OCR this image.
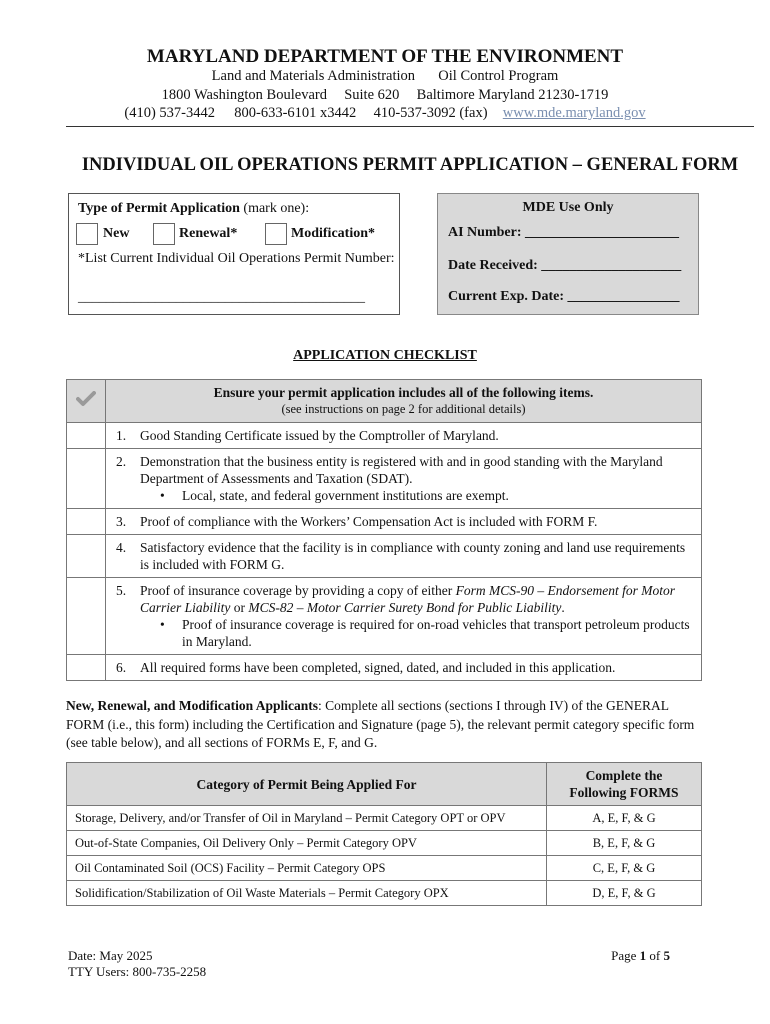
MARYLAND DEPARTMENT OF THE ENVIRONMENT
Land and Materials Administration Oil Control Program
1800 Washington Boulevard Suite 620 Baltimore Maryland 21230-1719
(410) 537-3442 800-633-6101 x3442 410-537-3092 (fax) www.mde.maryland.gov
INDIVIDUAL OIL OPERATIONS PERMIT APPLICATION – GENERAL FORM
Type of Permit Application (mark one):
New	Renewal*	Modification*
*List Current Individual Oil Operations Permit Number:
_________________________________________
MDE Use Only
AI Number: ______________________
Date Received: ____________________
Current Exp. Date: ________________
APPLICATION CHECKLIST

Ensure your permit application includes all of the following items.
(see instructions on page 2 for additional details)

	1. Good Standing Certificate issued by the Comptroller of Maryland.

	2. Demonstration that the business entity is registered with and in good standing with the Maryland Department of Assessments and Taxation (SDAT).
• Local, state, and federal government institutions are exempt.

	3. Proof of compliance with the Workers’ Compensation Act is included with FORM F.

	4. Satisfactory evidence that the facility is in compliance with county zoning and land use requirements is included with FORM G.

	5. Proof of insurance coverage by providing a copy of either Form MCS-90 – Endorsement for Motor Carrier Liability or MCS-82 – Motor Carrier Surety Bond for Public Liability.
• Proof of insurance coverage is required for on-road vehicles that transport petroleum products in Maryland.

	6. All required forms have been completed, signed, dated, and included in this application.
New, Renewal, and Modification Applicants: Complete all sections (sections I through IV) of the GENERAL FORM (i.e., this form) including the Certification and Signature (page 5), the relevant permit category specific form (see table below), and all sections of FORMs E, F, and G.
Category of Permit Being Applied For	Complete the
Following FORMS

Storage, Delivery, and/or Transfer of Oil in Maryland – Permit Category OPT or OPV	A, E, F, & G
Out-of-State Companies, Oil Delivery Only – Permit Category OPV	B, E, F, & G
Oil Contaminated Soil (OCS) Facility – Permit Category OPS	C, E, F, & G
Solidification/Stabilization of Oil Waste Materials – Permit Category OPX	D, E, F, & G
Date: May 2025
TTY Users: 800-735-2258
Page 1 of 5
